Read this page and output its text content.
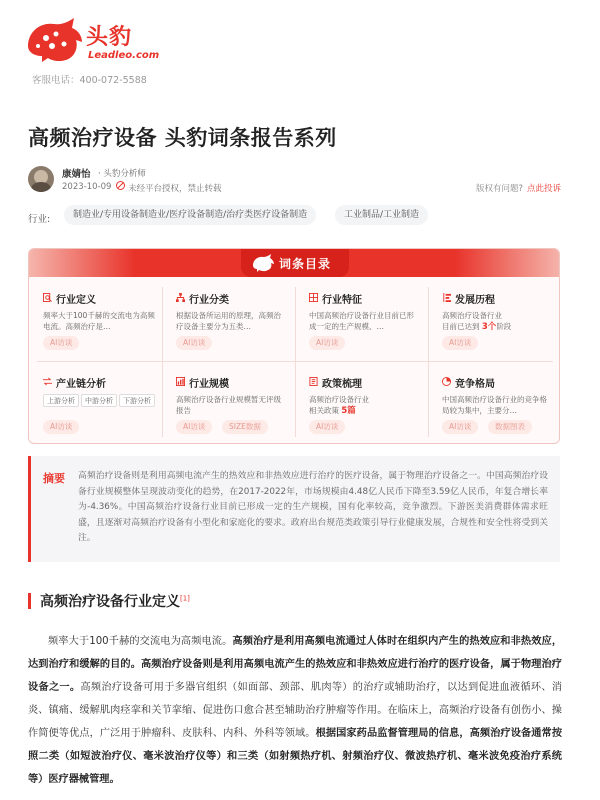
头豹
Leadleo.com
客服电话：400-072-5588
高频治疗设备 头豹词条报告系列
康婧怡 · 头豹分析师
2023-10-09 未经平台授权，禁止转载	版权有问题? 点此投诉
行业:	制造业/专用设备制造业/医疗设备制造/治疗类医疗设备制造	工业制品/工业制造
词条目录
行业定义
频率大于100千赫的交流电为高频电流。高频治疗是…
AI访谈
行业分类
根据设备所运用的原理，高频治疗设备主要分为五类…
AI访谈
行业特征
中国高频治疗设备行业目前已形成一定的生产规模、…
AI访谈
发展历程
高频治疗设备行业
目前已达到 3个阶段
AI访谈
产业链分析
上游分析	中游分析	下游分析
AI访谈
行业规模
高频治疗设备行业规模暂无评级报告
AI访谈	SIZE数据
政策梳理
高频治疗设备行业
相关政策 5篇
AI访谈
竞争格局
中国高频治疗设备行业的竞争格局较为集中，主要分…
AI访谈	数据图表
摘要 高频治疗设备则是利用高频电流产生的热效应和非热效应进行治疗的医疗设备，属于物理治疗设备之一。中国高频治疗设备行业规模整体呈现波动变化的趋势，在2017-2022年，市场规模由4.48亿人民币下降至3.59亿人民币，年复合增长率为-4.36%。中国高频治疗设备行业目前已形成一定的生产规模，国有化率较高，竞争激烈。下游医美消费群体需求旺盛，且逐渐对高频治疗设备有小型化和家庭化的要求。政府出台规范类政策引导行业健康发展，合规性和安全性将受到关注。
高频治疗设备行业定义[1]
频率大于100千赫的交流电为高频电流。高频治疗是利用高频电流通过人体时在组织内产生的热效应和非热效应，达到治疗和缓解的目的。高频治疗设备则是利用高频电流产生的热效应和非热效应进行治疗的医疗设备，属于物理治疗设备之一。高频治疗设备可用于多器官组织（如面部、颈部、肌肉等）的治疗或辅助治疗，以达到促进血液循环、消炎、镇痛、缓解肌肉痉挛和关节挛缩、促进伤口愈合甚至辅助治疗肿瘤等作用。在临床上，高频治疗设备有创伤小、操作简便等优点，广泛用于肿瘤科、皮肤科、内科、外科等领域。根据国家药品监督管理局的信息，高频治疗设备通常按照二类（如短波治疗仪、毫米波治疗仪等）和三类（如射频热疗机、射频治疗仪、微波热疗机、毫米波免疫治疗系统等）医疗器械管理。
